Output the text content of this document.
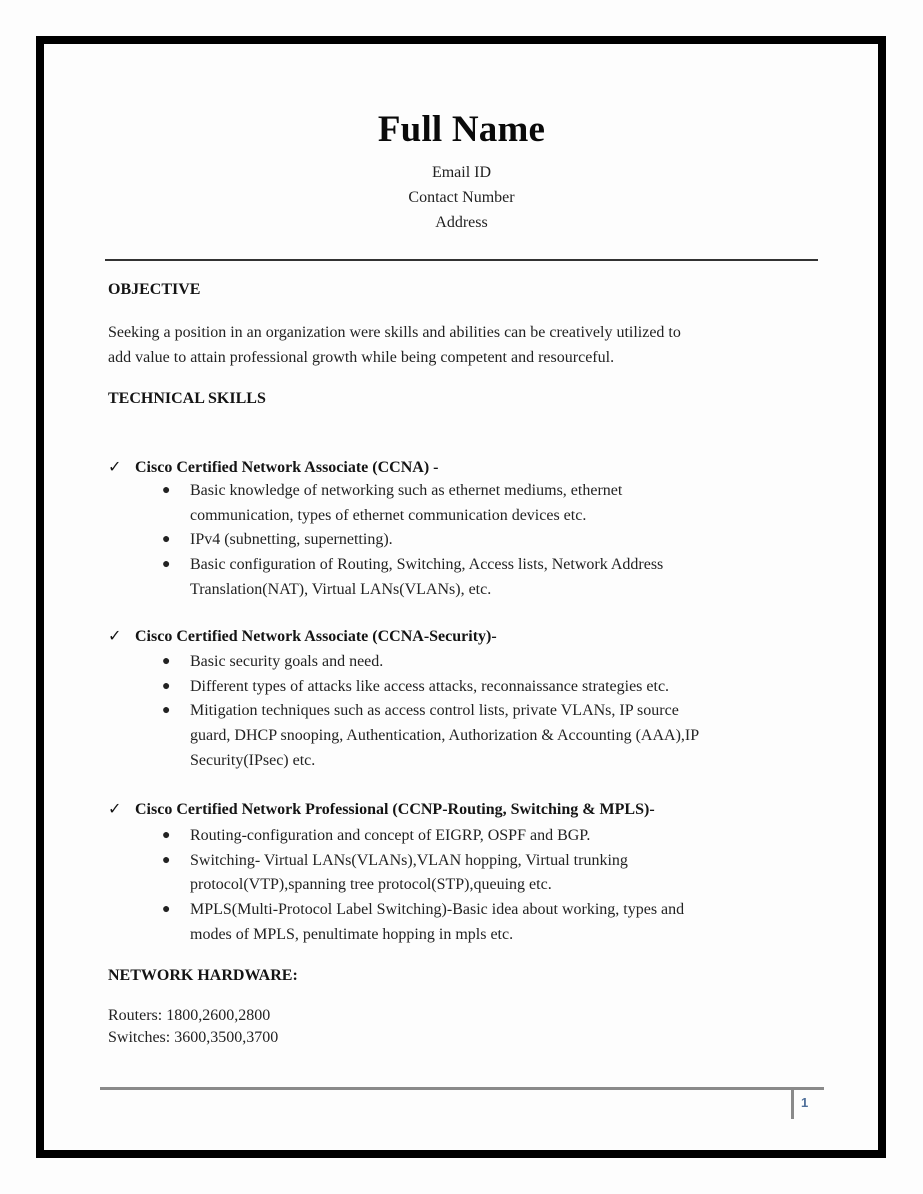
Full Name
Email ID
Contact Number
Address
OBJECTIVE
Seeking a position in an organization were skills and abilities can be creatively utilized to
add value to attain professional growth while being competent and resourceful.
TECHNICAL SKILLS
✓ Cisco Certified Network Associate (CCNA) -
● Basic knowledge of networking such as ethernet mediums, ethernet
communication, types of ethernet communication devices etc.
● IPv4 (subnetting, supernetting).
● Basic configuration of Routing, Switching, Access lists, Network Address
Translation(NAT), Virtual LANs(VLANs), etc.
✓ Cisco Certified Network Associate (CCNA-Security)-
● Basic security goals and need.
● Different types of attacks like access attacks, reconnaissance strategies etc.
● Mitigation techniques such as access control lists, private VLANs, IP source
guard, DHCP snooping, Authentication, Authorization & Accounting (AAA),IP
Security(IPsec) etc.
✓ Cisco Certified Network Professional (CCNP-Routing, Switching & MPLS)-
● Routing-configuration and concept of EIGRP, OSPF and BGP.
● Switching- Virtual LANs(VLANs),VLAN hopping, Virtual trunking
protocol(VTP),spanning tree protocol(STP),queuing etc.
● MPLS(Multi-Protocol Label Switching)-Basic idea about working, types and
modes of MPLS, penultimate hopping in mpls etc.
NETWORK HARDWARE:
Routers: 1800,2600,2800
Switches: 3600,3500,3700
1
